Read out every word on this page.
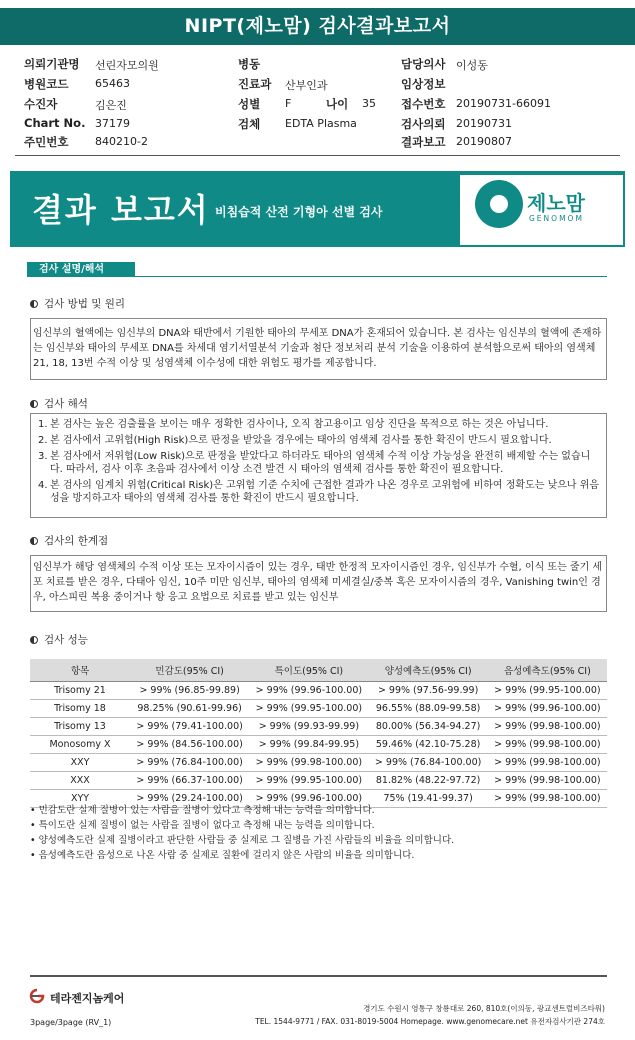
NIPT(제노맘) 검사결과보고서
의뢰기관명 선린자모의원
병원코드 65463
수진자	김은진
Chart No. 37179
주민번호 840210-2
병동
진료과 산부인과
성별 F	나이 35
검체 EDTA Plasma
담당의사 이성동
임상정보
접수번호 20190731-66091
검사의뢰 20190731
결과보고 20190807
결과 보고서 비침습적 산전 기형아 선별 검사	제노맘
GENOMOM
검사 설명/해석
검사 방법 및 원리
임신부의 혈액에는 임신부의 DNA와 태반에서 기원한 태아의 무세포 DNA가 혼재되어 있습니다. 본 검사는 임신부의 혈액에 존재하는 임신부와 태아의 무세포 DNA를 차세대 염기서열분석 기술과 첨단 정보처리 분석 기술을 이용하여 분석함으로써 태아의 염색체 21, 18, 13번 수적 이상 및 성염색체 이수성에 대한 위험도 평가를 제공합니다.
검사 해석
1. 본 검사는 높은 검출률을 보이는 매우 정확한 검사이나, 오직 참고용이고 임상 진단을 목적으로 하는 것은 아닙니다.
2. 본 검사에서 고위험(High Risk)으로 판정을 받았을 경우에는 태아의 염색체 검사를 통한 확진이 반드시 필요합니다.
3. 본 검사에서 저위험(Low Risk)으로 판정을 받았다고 하더라도 태아의 염색체 수적 이상 가능성을 완전히 배제할 수는 없습니다. 따라서, 검사 이후 초음파 검사에서 이상 소견 발견 시 태아의 염색체 검사를 통한 확진이 필요합니다.
4. 본 검사의 임계치 위험(Critical Risk)은 고위험 기준 수치에 근접한 결과가 나온 경우로 고위험에 비하여 정확도는 낮으나 위음성을 방지하고자 태아의 염색체 검사를 통한 확진이 반드시 필요합니다.
검사의 한계점
임신부가 해당 염색체의 수적 이상 또는 모자이시즘이 있는 경우, 태반 한정적 모자이시즘인 경우, 임신부가 수혈, 이식 또는 줄기 세포 치료를 받은 경우, 다태아 임신, 10주 미만 임신부, 태아의 염색체 미세결실/중복 혹은 모자이시즘의 경우, Vanishing twin인 경우, 아스피린 복용 중이거나 항 응고 요법으로 치료를 받고 있는 임신부
검사 성능
항목	민감도(95% CI)	특이도(95% CI)	양성예측도(95% CI)	음성예측도(95% CI)
Trisomy 21	> 99% (96.85-99.89)	> 99% (99.96-100.00)	> 99% (97.56-99.99)	> 99% (99.95-100.00)
Trisomy 18	98.25% (90.61-99.96)	> 99% (99.95-100.00)	96.55% (88.09-99.58)	> 99% (99.96-100.00)
Trisomy 13	> 99% (79.41-100.00)	> 99% (99.93-99.99)	80.00% (56.34-94.27)	> 99% (99.98-100.00)
Monosomy X	> 99% (84.56-100.00)	> 99% (99.84-99.95)	59.46% (42.10-75.28)	> 99% (99.98-100.00)
XXY	> 99% (76.84-100.00)	> 99% (99.98-100.00)	> 99% (76.84-100.00)	> 99% (99.98-100.00)
XXX	> 99% (66.37-100.00)	> 99% (99.95-100.00)	81.82% (48.22-97.72)	> 99% (99.98-100.00)
XYY	> 99% (29.24-100.00)	> 99% (99.96-100.00)	75% (19.41-99.37)	> 99% (99.98-100.00)
• 민감도란 실제 질병이 있는 사람을 질병이 있다고 측정해 내는 능력을 의미합니다.
• 특이도란 실제 질병이 없는 사람을 질병이 없다고 측정해 내는 능력을 의미합니다.
• 양성예측도란 실제 질병이라고 판단한 사람들 중 실제로 그 질병을 가진 사람들의 비율을 의미합니다.
• 음성예측도란 음성으로 나온 사람 중 실제로 질환에 걸리지 않은 사람의 비율을 의미합니다.
테라젠지놈케어
경기도 수원시 영통구 창룡대로 260, 810호(이의동, 광교센트럴비즈타워)
TEL. 1544-9771 / FAX. 031-8019-5004 Homepage. www.genomecare.net 유전자검사기관 274호
3page/3page (RV_1)
